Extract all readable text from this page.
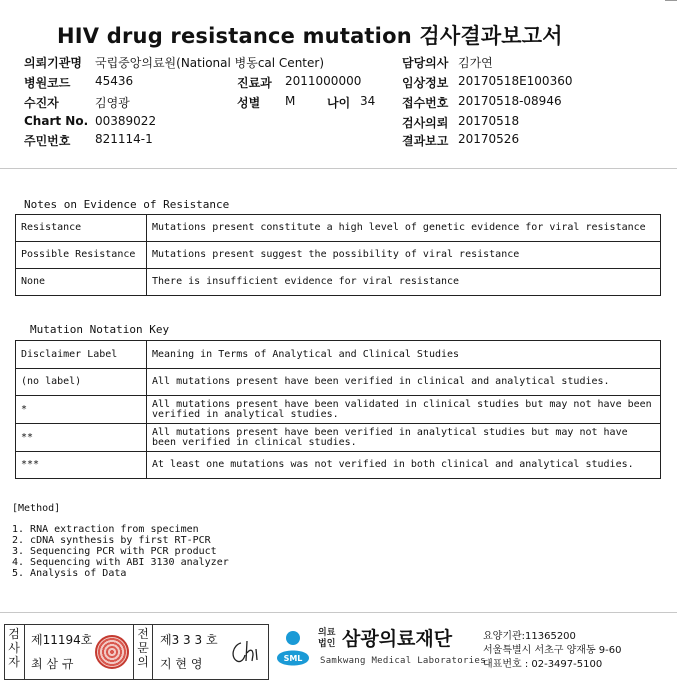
HIV drug resistance mutation 검사결과보고서
의뢰기관명 국립중앙의료원(National 병동cal Center)
병원코드 45436	진료과 2011000000
수진자	김영광	성별 M	나이 34
Chart No. 00389022
주민번호 821114-1
담당의사 김가연
임상정보 20170518E100360
접수번호 20170518-08946
검사의뢰 20170518
결과보고 20170526
Notes on Evidence of Resistance
Resistance	Mutations present constitute a high level of genetic evidence for viral resistance
Possible Resistance	Mutations present suggest the possibility of viral resistance
None	There is insufficient evidence for viral resistance
Mutation Notation Key
Disclaimer Label	Meaning in Terms of Analytical and Clinical Studies
(no label)	All mutations present have been verified in clinical and analytical studies.
*	All mutations present have been validated in clinical studies but may not have been verified in analytical studies.
**	All mutations present have been verified in analytical studies but may not have been verified in clinical studies.
***	At least one mutations was not verified in both clinical and analytical studies.
[Method]
1. RNA extraction from specimen
2. cDNA synthesis by first RT-PCR
3. Sequencing PCR with PCR product
4. Sequencing with ABI 3130 analyzer
5. Analysis of Data
검
사
자
제11194호
최 삼 규
전
문
의
제3 3 3 호
지 현 영	SML
의료
법인 삼광의료재단
Samkwang Medical Laboratories
요양기관:11365200
서울특별시 서초구 양재동 9-60
대표번호 : 02-3497-5100
